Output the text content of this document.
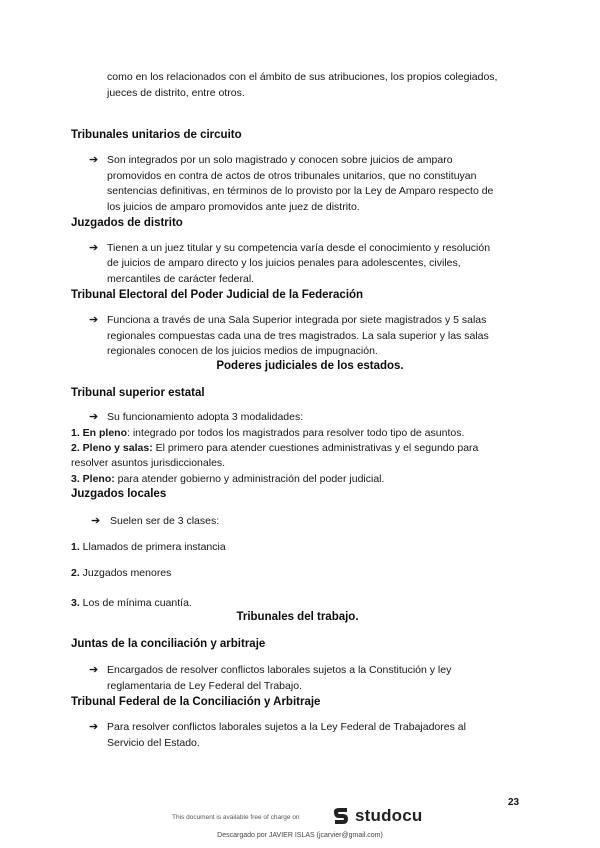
como en los relacionados con el ámbito de sus atribuciones, los propios colegiados,
jueces de distrito, entre otros.
Tribunales unitarios de circuito
➔ Son integrados por un solo magistrado y conocen sobre juicios de amparo
promovidos en contra de actos de otros tribunales unitarios, que no constituyan
sentencias definitivas, en términos de lo provisto por la Ley de Amparo respecto de
los juicios de amparo promovidos ante juez de distrito.
Juzgados de distrito
➔ Tienen a un juez titular y su competencia varía desde el conocimiento y resolución
de juicios de amparo directo y los juicios penales para adolescentes, civiles,
mercantiles de carácter federal.
Tribunal Electoral del Poder Judicial de la Federación
➔ Funciona a través de una Sala Superior integrada por siete magistrados y 5 salas
regionales compuestas cada una de tres magistrados. La sala superior y las salas
regionales conocen de los juicios medios de impugnación.
Poderes judiciales de los estados.
Tribunal superior estatal
➔ Su funcionamiento adopta 3 modalidades:
1. En pleno: integrado por todos los magistrados para resolver todo tipo de asuntos.
2. Pleno y salas: El primero para atender cuestiones administrativas y el segundo para
resolver asuntos jurisdiccionales.
3. Pleno: para atender gobierno y administración del poder judicial.
Juzgados locales
➔ Suelen ser de 3 clases:
1. Llamados de primera instancia
2. Juzgados menores
3. Los de mínima cuantía.
Tribunales del trabajo.
Juntas de la conciliación y arbitraje
➔ Encargados de resolver conflictos laborales sujetos a la Constitución y ley
reglamentaria de Ley Federal del Trabajo.
Tribunal Federal de la Conciliación y Arbitraje
➔ Para resolver conflictos laborales sujetos a la Ley Federal de Trabajadores al
Servicio del Estado.
23
This document is available free of charge on	studocu
Descargado por JAVIER ISLAS (jcarvier@gmail.com)
